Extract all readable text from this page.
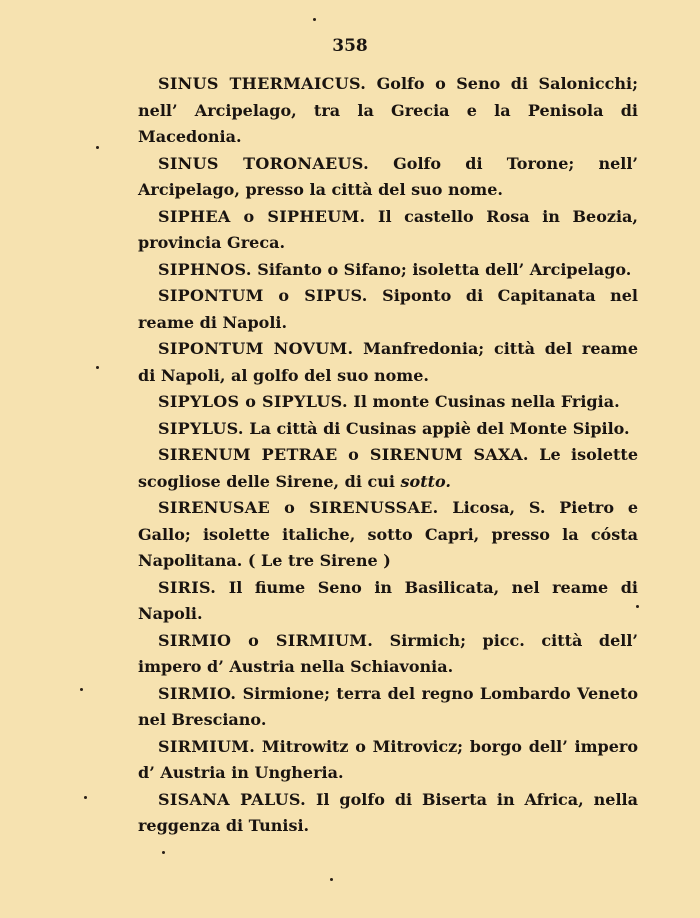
358

SINUS THERMAICUS. Golfo o Seno di Salonicchi; nell’ Arcipelago, tra la Grecia e la Penisola di Macedonia.

SINUS TORONAEUS. Golfo di Torone; nell’ Arcipelago, presso la città del suo nome.

SIPHEA o SIPHEUM. Il castello Rosa in Beozia, provincia Greca.

SIPHNOS. Sifanto o Sifano; isoletta dell’ Arcipelago.

SIPONTUM o SIPUS. Siponto di Capitanata nel reame di Napoli.

SIPONTUM NOVUM. Manfredonia; città del reame di Napoli, al golfo del suo nome.

SIPYLOS o SIPYLUS. Il monte Cusinas nella Frigia.

SIPYLUS. La città di Cusinas appiè del Monte Sipilo.

SIRENUM PETRAE o SIRENUM SAXA. Le isolette scogliose delle Sirene, di cui sotto.

SIRENUSAE o SIRENUSSAE. Licosa, S. Pietro e Gallo; isolette italiche, sotto Capri, presso la cósta Napolitana. ( Le tre Sirene )

SIRIS. Il fiume Seno in Basilicata, nel reame di Napoli.

SIRMIO o SIRMIUM. Sirmich; picc. città dell’ impero d’ Austria nella Schiavonia.

SIRMIO. Sirmione; terra del regno Lombardo Veneto nel Bresciano.

SIRMIUM. Mitrowitz o Mitrovicz; borgo dell’ impero d’ Austria in Ungheria.

SISANA PALUS. Il golfo di Biserta in Africa, nella reggenza di Tunisi.
